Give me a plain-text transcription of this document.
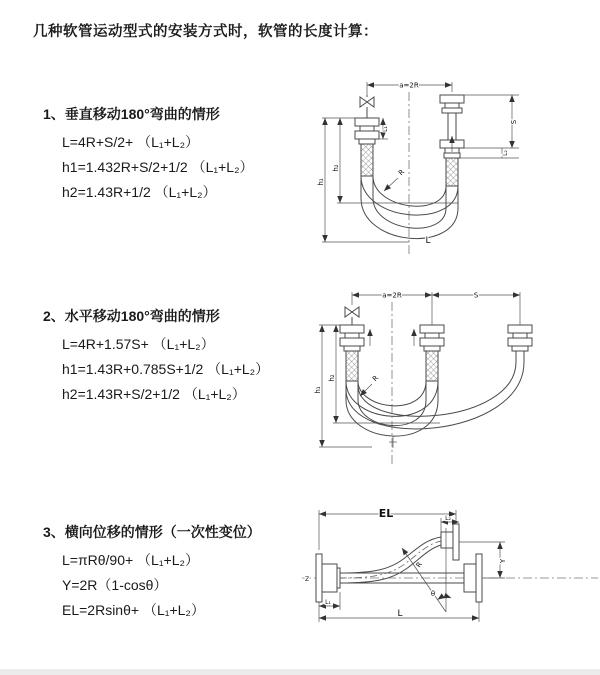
几种软管运动型式的安装方式时，软管的长度计算：
1、垂直移动180°弯曲的情形
L=4R+S/2+ （L₁+L₂）
h1=1.432R+S/2+1/2 （L₁+L₂）
h2=1.43R+1/2 （L₁+L₂）
2、水平移动180°弯曲的情形
L=4R+1.57S+ （L₁+L₂）
h1=1.43R+0.785S+1/2 （L₁+L₂）
h2=1.43R+S/2+1/2 （L₁+L₂）
3、横向位移的情形（一次性变位）
L=πRθ/90+ （L₁+L₂）
Y=2R（1-cosθ）
EL=2Rsinθ+ （L₁+L₂）
a=2R
h₁
h₂
L₁
S
L₂
R
L
a=2R	S
h₁
h₂	R
Z
EL	L₂
Y
R
θ
L
L₁
